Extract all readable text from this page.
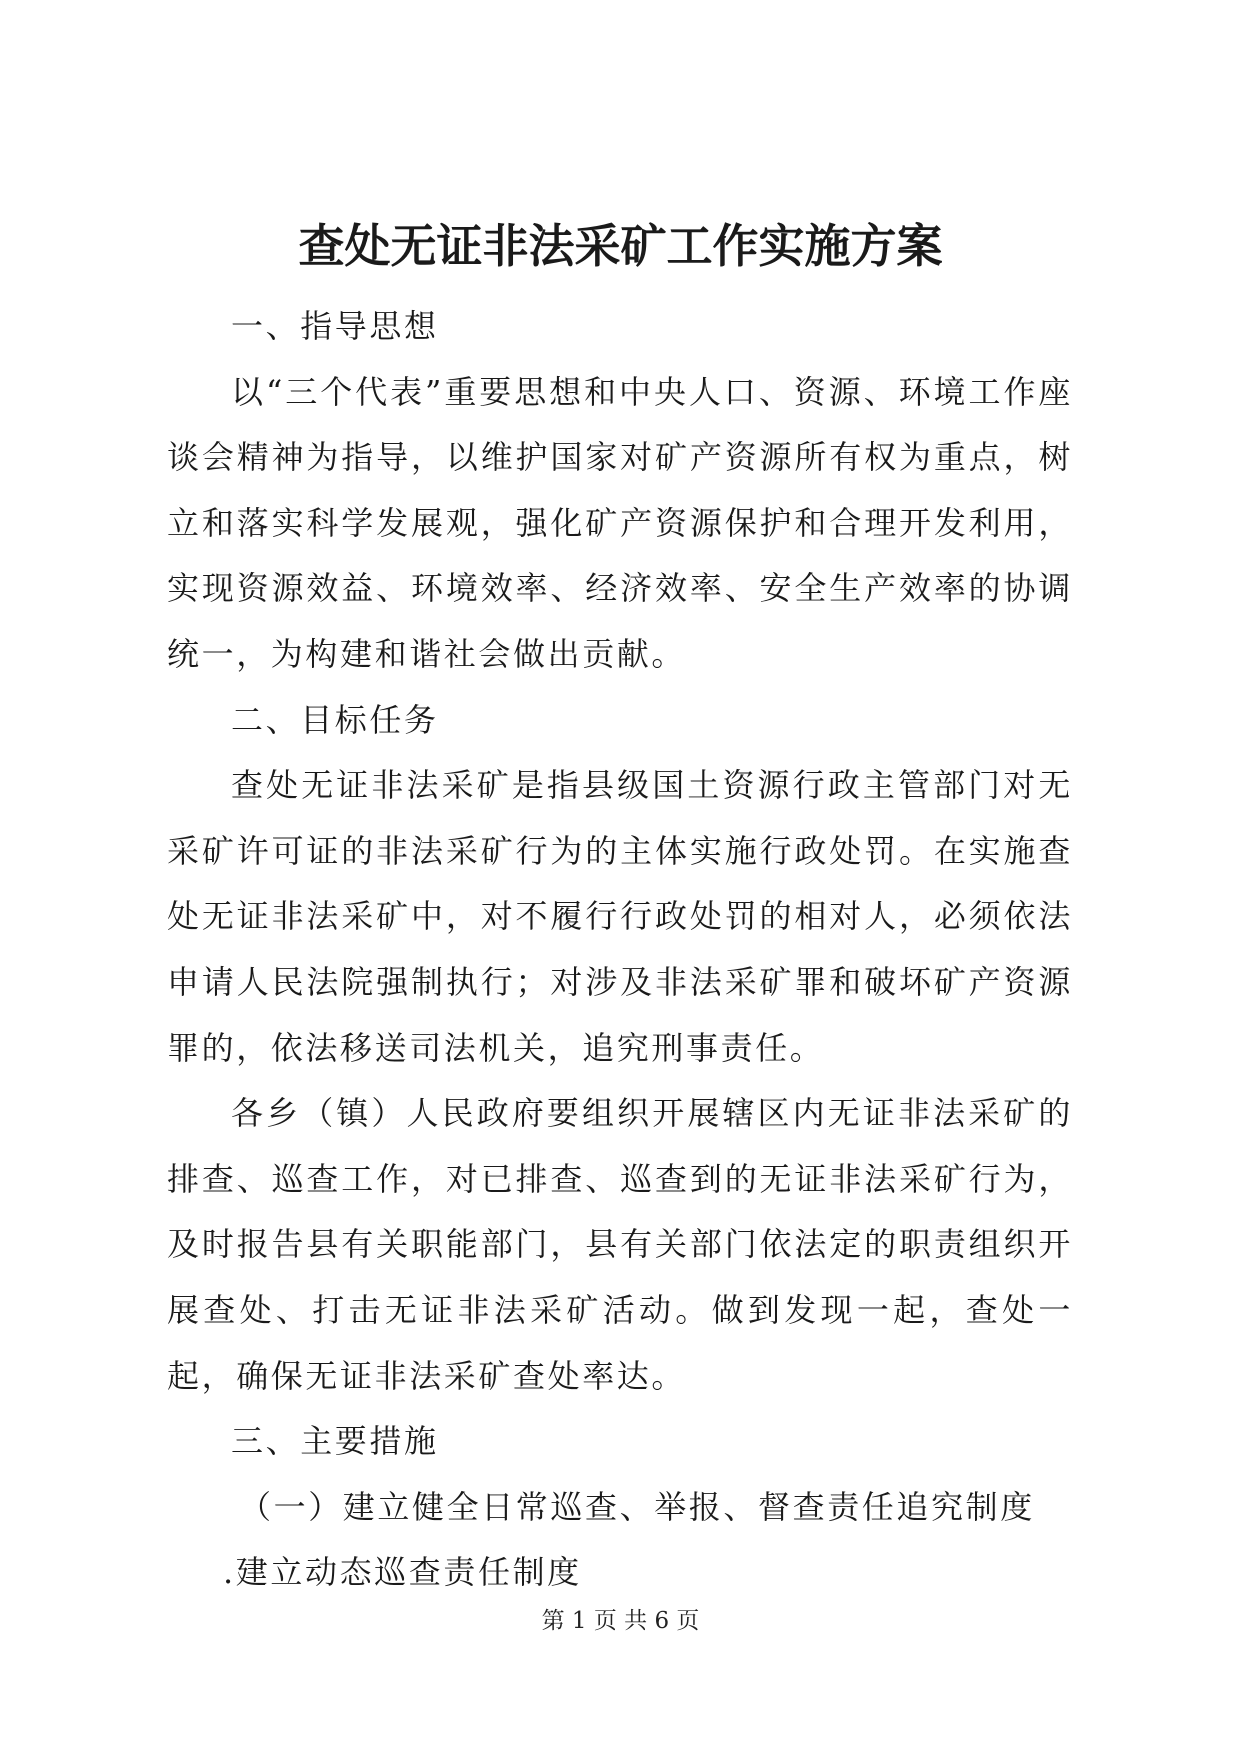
查处无证非法采矿工作实施方案

一、指导思想

以“三个代表”重要思想和中央人口、资源、环境工作座谈会精神为指导，以维护国家对矿产资源所有权为重点，树立和落实科学发展观，强化矿产资源保护和合理开发利用，实现资源效益、环境效率、经济效率、安全生产效率的协调统一，为构建和谐社会做出贡献。

二、目标任务

查处无证非法采矿是指县级国土资源行政主管部门对无采矿许可证的非法采矿行为的主体实施行政处罚。在实施查处无证非法采矿中，对不履行行政处罚的相对人，必须依法申请人民法院强制执行；对涉及非法采矿罪和破坏矿产资源罪的，依法移送司法机关，追究刑事责任。

各乡（镇）人民政府要组织开展辖区内无证非法采矿的排查、巡查工作，对已排查、巡查到的无证非法采矿行为，及时报告县有关职能部门，县有关部门依法定的职责组织开展查处、打击无证非法采矿活动。做到发现一起，查处一起，确保无证非法采矿查处率达。

三、主要措施

（一）建立健全日常巡查、举报、督查责任追究制度

.建立动态巡查责任制度

第 1 页 共 6 页
